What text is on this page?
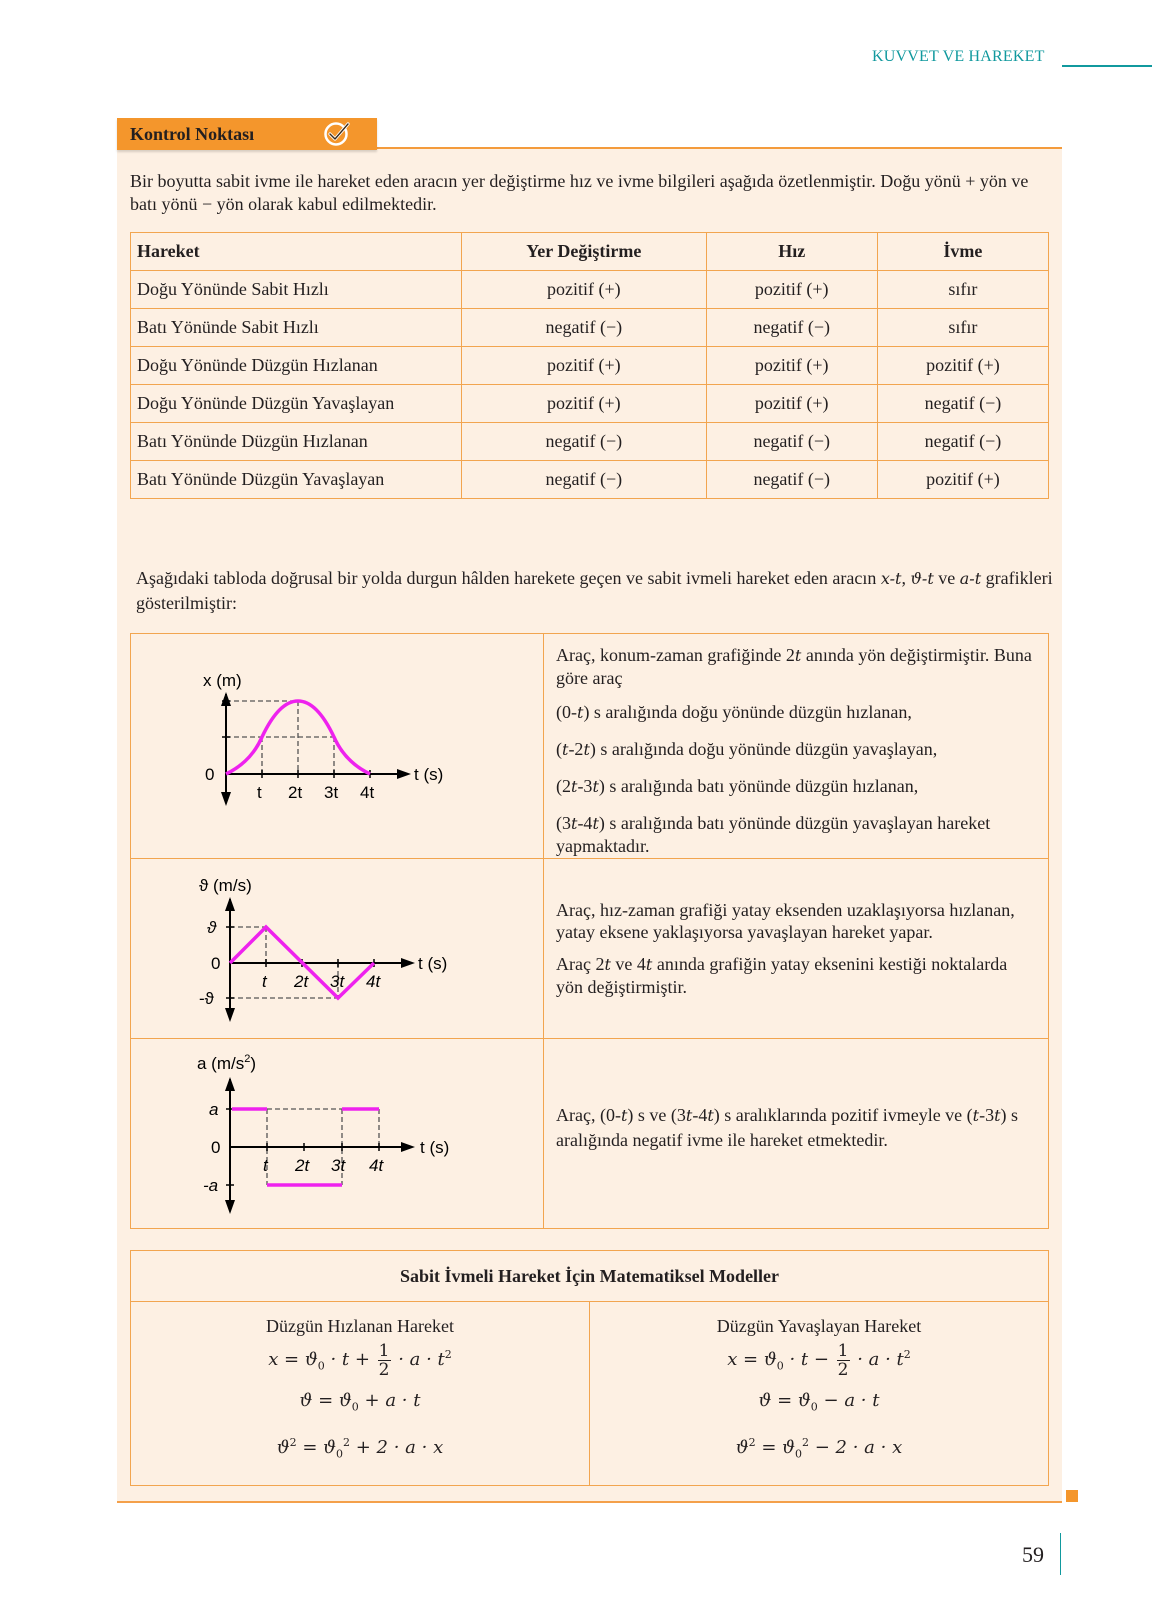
KUVVET VE HAREKET
Kontrol Noktası
Bir boyutta sabit ivme ile hareket eden aracın yer değiştirme hız ve ivme bilgileri aşağıda özetlenmiştir. Doğu yönü + yön ve batı yönü − yön olarak kabul edilmektedir.
Hareket	Yer Değiştirme	Hız	İvme
Doğu Yönünde Sabit Hızlı	pozitif (+)	pozitif (+)	sıfır
Batı Yönünde Sabit Hızlı	negatif (−)	negatif (−)	sıfır
Doğu Yönünde Düzgün Hızlanan	pozitif (+)	pozitif (+)	pozitif (+)
Doğu Yönünde Düzgün Yavaşlayan	pozitif (+)	pozitif (+)	negatif (−)
Batı Yönünde Düzgün Hızlanan	negatif (−)	negatif (−)	negatif (−)
Batı Yönünde Düzgün Yavaşlayan	negatif (−)	negatif (−)	pozitif (+)
Aşağıdaki tabloda doğrusal bir yolda durgun hâlden harekete geçen ve sabit ivmeli hareket eden aracın x-t, ϑ-t ve a-t grafikleri gösterilmiştir:
x (m)
0
t 2t 3t 4t
t (s)

Araç, konum-zaman grafiğinde 2t anında yön değiştirmiştir. Buna göre araç

(0-t) s aralığında doğu yönünde düzgün hızlanan,

(t-2t) s aralığında doğu yönünde düzgün yavaşlayan,

(2t-3t) s aralığında batı yönünde düzgün hızlanan,

(3t-4t) s aralığında batı yönünde düzgün yavaşlayan hareket yapmaktadır.

ϑ (m/s)
ϑ
0
-ϑ
t 2t 3t 4t
t (s)

Araç, hız-zaman grafiği yatay eksenden uzaklaşıyorsa hızlanan, yatay eksene yaklaşıyorsa yavaşlayan hareket yapar.

Araç 2t ve 4t anında grafiğin yatay eksenini kestiği noktalarda yön değiştirmiştir.

a $(m/s^2)$
a
0
-a
t 2t 3t 4t
t (s)

Araç, (0-t) s ve (3t-4t) s aralıklarında pozitif ivmeyle ve (t-3t) s aralığında negatif ivme ile hareket etmektedir.

Sabit İvmeli Hareket İçin Matematiksel Modeller
Düzgün Hızlanan Hareket
$x = ϑ_0 \cdot t + \frac{1}{2} \cdot a \cdot t^2$
$ϑ = ϑ_0 + a \cdot t$
$ϑ^2 = ϑ_0^2 + 2 \cdot a \cdot x$
Düzgün Yavaşlayan Hareket
$x = ϑ_0 \cdot t - \frac{1}{2} \cdot a \cdot t^2$
$ϑ = ϑ_0 - a \cdot t$
$ϑ^2 = ϑ_0^2 - 2 \cdot a \cdot x$
59
